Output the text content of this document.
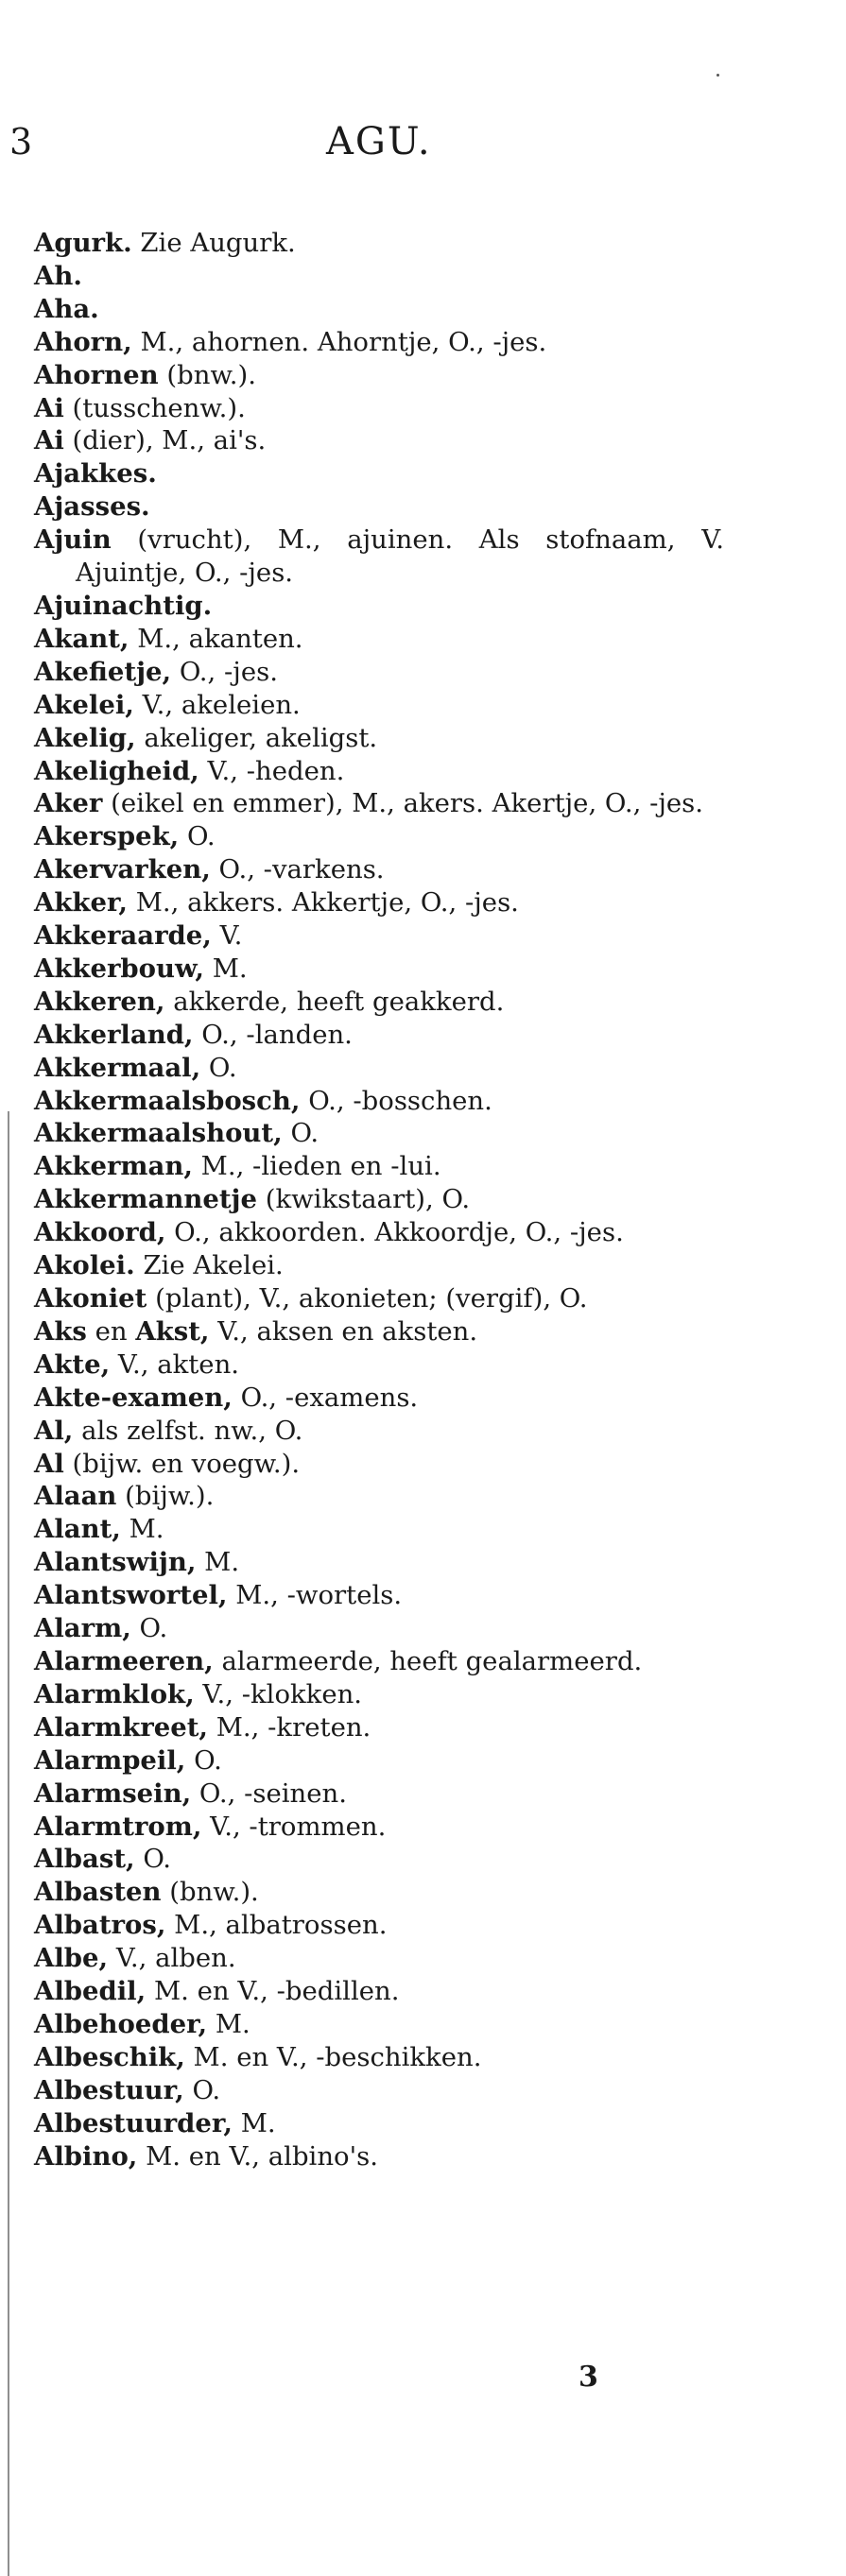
3	AGU.
Agurk. Zie Augurk.
Ah.
Aha.
Ahorn, M., ahornen. Ahorntje, O., -jes.
Ahornen (bnw.).
Ai (tusschenw.).
Ai (dier), M., ai's.
Ajakkes.
Ajasses.
Ajuin (vrucht), M., ajuinen. Als stofnaam, V. Ajuintje, O., -jes.
Ajuinachtig.
Akant, M., akanten.
Akefietje, O., -jes.
Akelei, V., akeleien.
Akelig, akeliger, akeligst.
Akeligheid, V., -heden.
Aker (eikel en emmer), M., akers. Akertje, O., -jes.
Akerspek, O.
Akervarken, O., -varkens.
Akker, M., akkers. Akkertje, O., -jes.
Akkeraarde, V.
Akkerbouw, M.
Akkeren, akkerde, heeft geakkerd.
Akkerland, O., -landen.
Akkermaal, O.
Akkermaalsbosch, O., -bosschen.
Akkermaalshout, O.
Akkerman, M., -lieden en -lui.
Akkermannetje (kwikstaart), O.
Akkoord, O., akkoorden. Akkoordje, O., -jes.
Akolei. Zie Akelei.
Akoniet (plant), V., akonieten; (vergif), O.
Aks en Akst, V., aksen en aksten.
Akte, V., akten.
Akte-examen, O., -examens.
Al, als zelfst. nw., O.
Al (bijw. en voegw.).
Alaan (bijw.).
Alant, M.
Alantswijn, M.
Alantswortel, M., -wortels.
Alarm, O.
Alarmeeren, alarmeerde, heeft gealarmeerd.
Alarmklok, V., -klokken.
Alarmkreet, M., -kreten.
Alarmpeil, O.
Alarmsein, O., -seinen.
Alarmtrom, V., -trommen.
Albast, O.
Albasten (bnw.).
Albatros, M., albatrossen.
Albe, V., alben.
Albedil, M. en V., -bedillen.
Albehoeder, M.
Albeschik, M. en V., -beschikken.
Albestuur, O.
Albestuurder, M.
Albino, M. en V., albino's.
3
